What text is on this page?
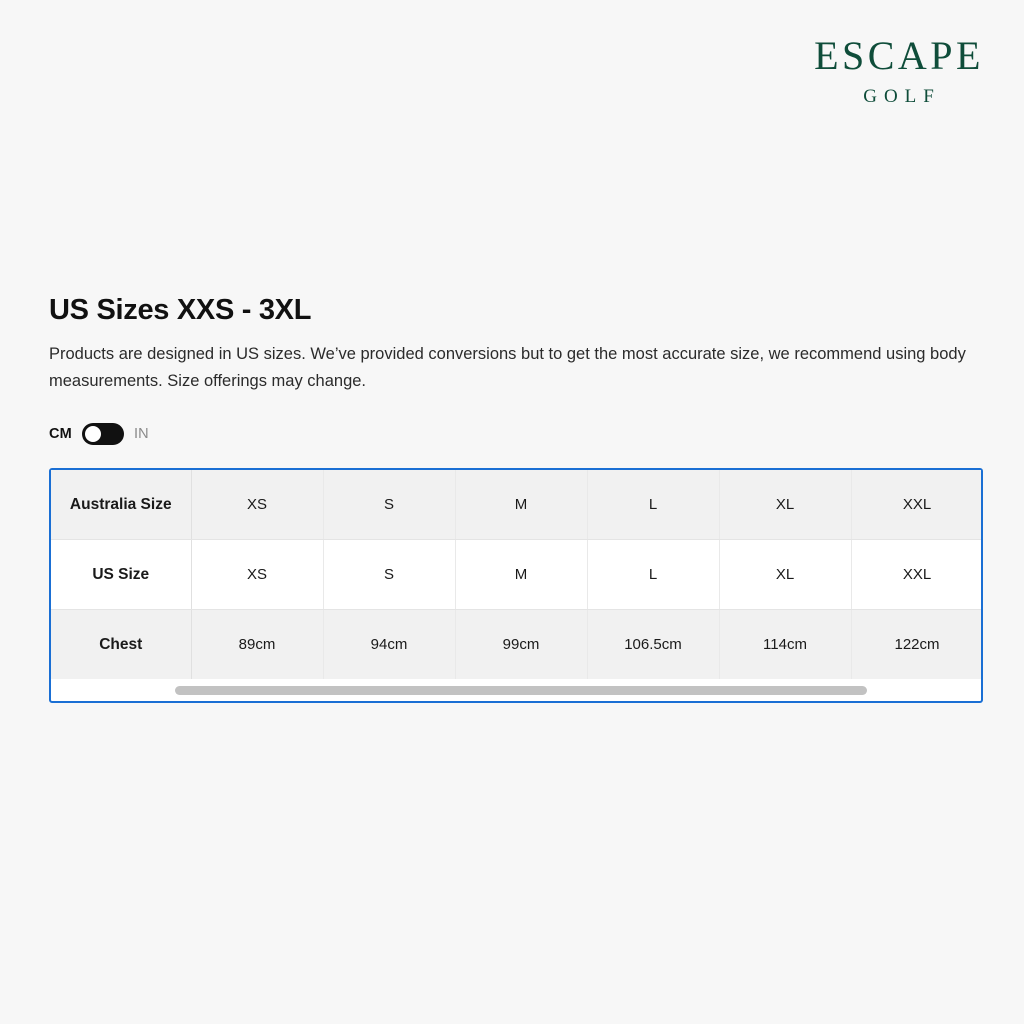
ESCAPE
GOLF
US Sizes XXS - 3XL

Products are designed in US sizes. We’ve provided conversions but to get the most accurate size, we recommend using body measurements. Size offerings may change.

CM	IN
Australia Size	XS	S	M	L	XL	XXL	
US Size	XS	S	M	L	XL	XXL	
Chest	89cm	94cm	99cm	106.5cm	114cm	122cm	
